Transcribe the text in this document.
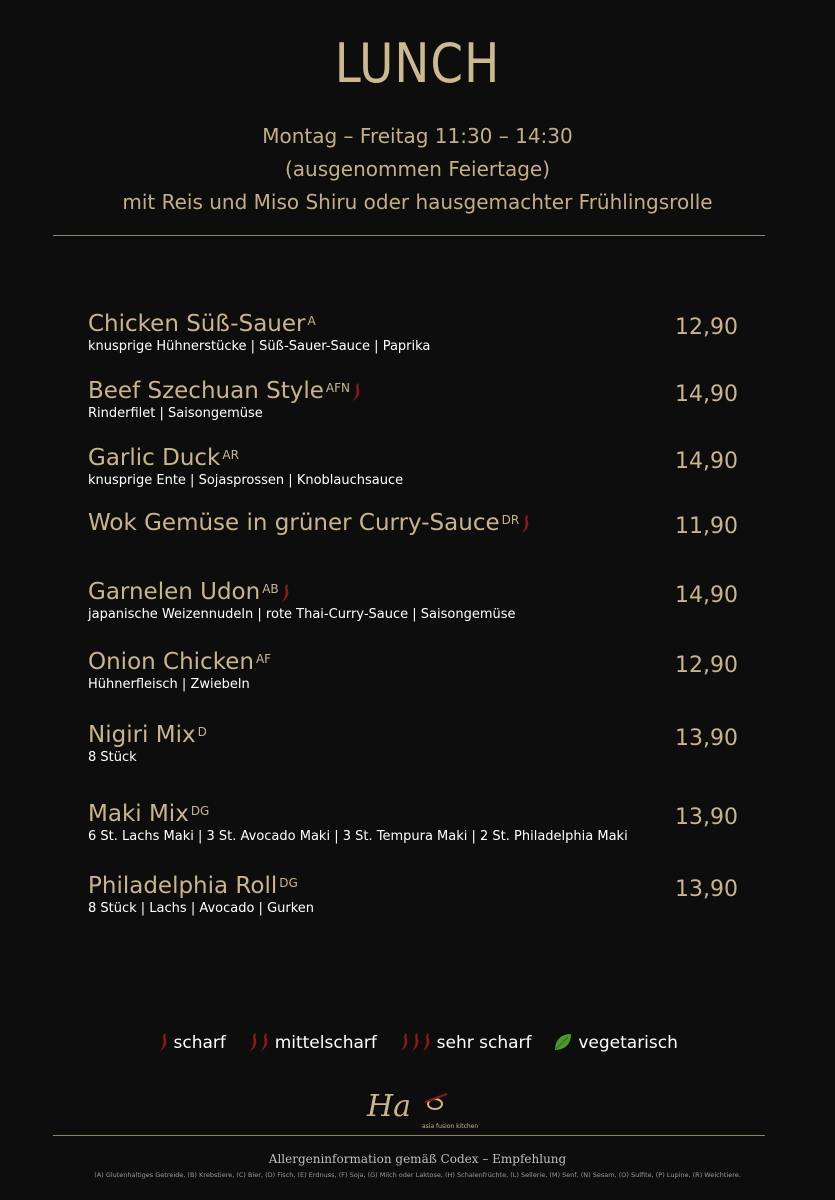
LUNCH
Montag – Freitag 11:30 – 14:30
(ausgenommen Feiertage)
mit Reis und Miso Shiru oder hausgemachter Frühlingsrolle
Chicken Süß-Sauer $^A$
knusprige Hühnerstücke | Süß-Sauer-Sauce | Paprika
12,90
Beef Szechuan Style $^{AFN}$
Rinderfilet | Saisongemüse
14,90
Garlic Duck $^{AR}$
knusprige Ente | Sojasprossen | Knoblauchsauce
14,90
Wok Gemüse in grüner Curry-Sauce $^{DR}$	11,90
Garnelen Udon $^{AB}$
japanische Weizennudeln | rote Thai-Curry-Sauce | Saisongemüse
14,90
Onion Chicken $^{AF}$
Hühnerfleisch | Zwiebeln
12,90
Nigiri Mix $^D$
8 Stück
13,90
Maki Mix $^{DG}$
6 St. Lachs Maki | 3 St. Avocado Maki | 3 St. Tempura Maki | 2 St. Philadelphia Maki
13,90
Philadelphia Roll $^{DG}$
8 Stück | Lachs | Avocado | Gurken
13,90
scharf	mittelscharf	sehr scharf	vegetarisch
Ha
asia fusion kitchen
Allergeninformation gemäß Codex – Empfehlung
(A) Glutenhaltiges Getreide, (B) Krebstiere, (C) Bier, (D) Fisch, (E) Erdnuss, (F) Soja, (G) Milch oder Laktose, (H) Schalenfrüchte, (L) Sellerie, (M) Senf, (N) Sesam, (O) Sulfite, (P) Lupine, (R) Weichtiere.
